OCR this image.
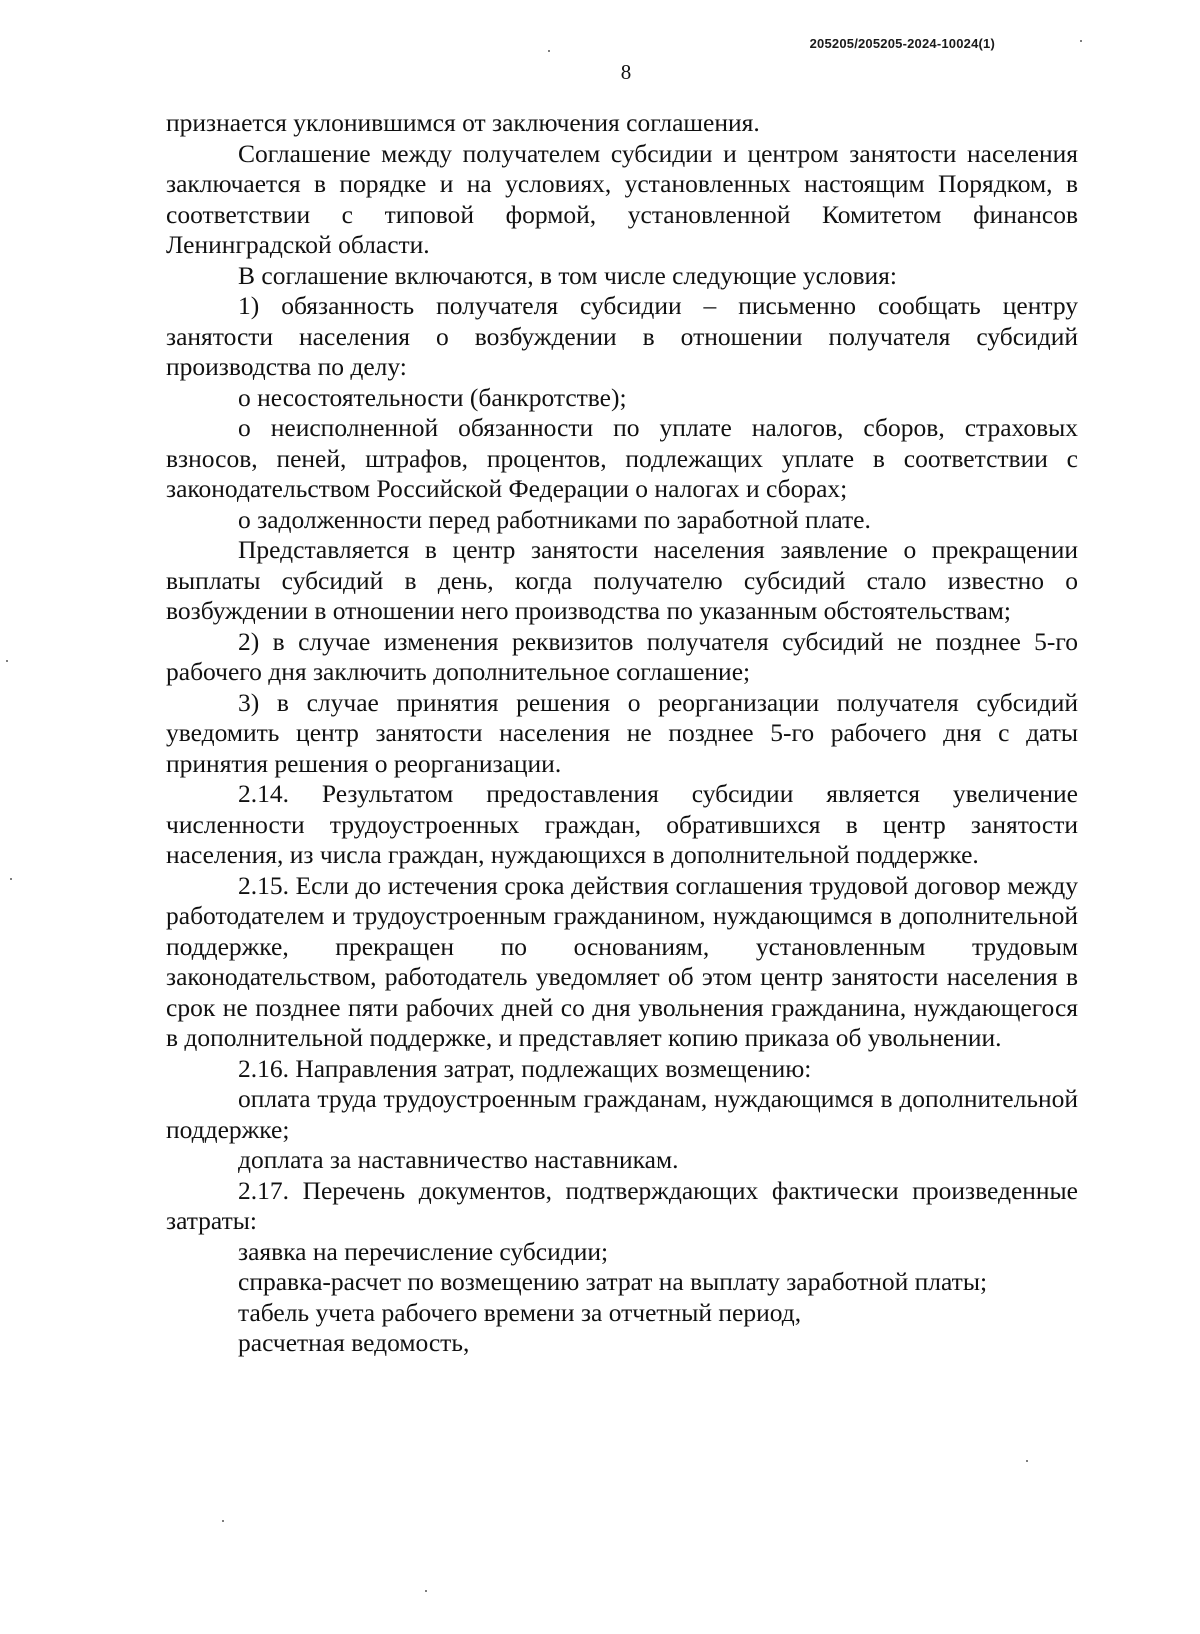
205205/205205-2024-10024(1)
8

признается уклонившимся от заключения соглашения.

Соглашение между получателем субсидии и центром занятости населения заключается в порядке и на условиях, установленных настоящим Порядком, в соответствии с типовой формой, установленной Комитетом финансов Ленинградской области.

В соглашение включаются, в том числе следующие условия:

1) обязанность получателя субсидии – письменно сообщать центру занятости населения о возбуждении в отношении получателя субсидий производства по делу:

о несостоятельности (банкротстве);

о неисполненной обязанности по уплате налогов, сборов, страховых взносов, пеней, штрафов, процентов, подлежащих уплате в соответствии с законодательством Российской Федерации о налогах и сборах;

о задолженности перед работниками по заработной плате.

Представляется в центр занятости населения заявление о прекращении выплаты субсидий в день, когда получателю субсидий стало известно о возбуждении в отношении него производства по указанным обстоятельствам;

2) в случае изменения реквизитов получателя субсидий не позднее 5-го рабочего дня заключить дополнительное соглашение;

3) в случае принятия решения о реорганизации получателя субсидий уведомить центр занятости населения не позднее 5-го рабочего дня с даты принятия решения о реорганизации.

2.14. Результатом предоставления субсидии является увеличение численности трудоустроенных граждан, обратившихся в центр занятости населения, из числа граждан, нуждающихся в дополнительной поддержке.

2.15. Если до истечения срока действия соглашения трудовой договор между работодателем и трудоустроенным гражданином, нуждающимся в дополнительной поддержке, прекращен по основаниям, установленным трудовым законодательством, работодатель уведомляет об этом центр занятости населения в срок не позднее пяти рабочих дней со дня увольнения гражданина, нуждающегося в дополнительной поддержке, и представляет копию приказа об увольнении.

2.16. Направления затрат, подлежащих возмещению:

оплата труда трудоустроенным гражданам, нуждающимся в дополнительной поддержке;

доплата за наставничество наставникам.

2.17. Перечень документов, подтверждающих фактически произведенные затраты:

заявка на перечисление субсидии;

справка-расчет по возмещению затрат на выплату заработной платы;

табель учета рабочего времени за отчетный период,

расчетная ведомость,
